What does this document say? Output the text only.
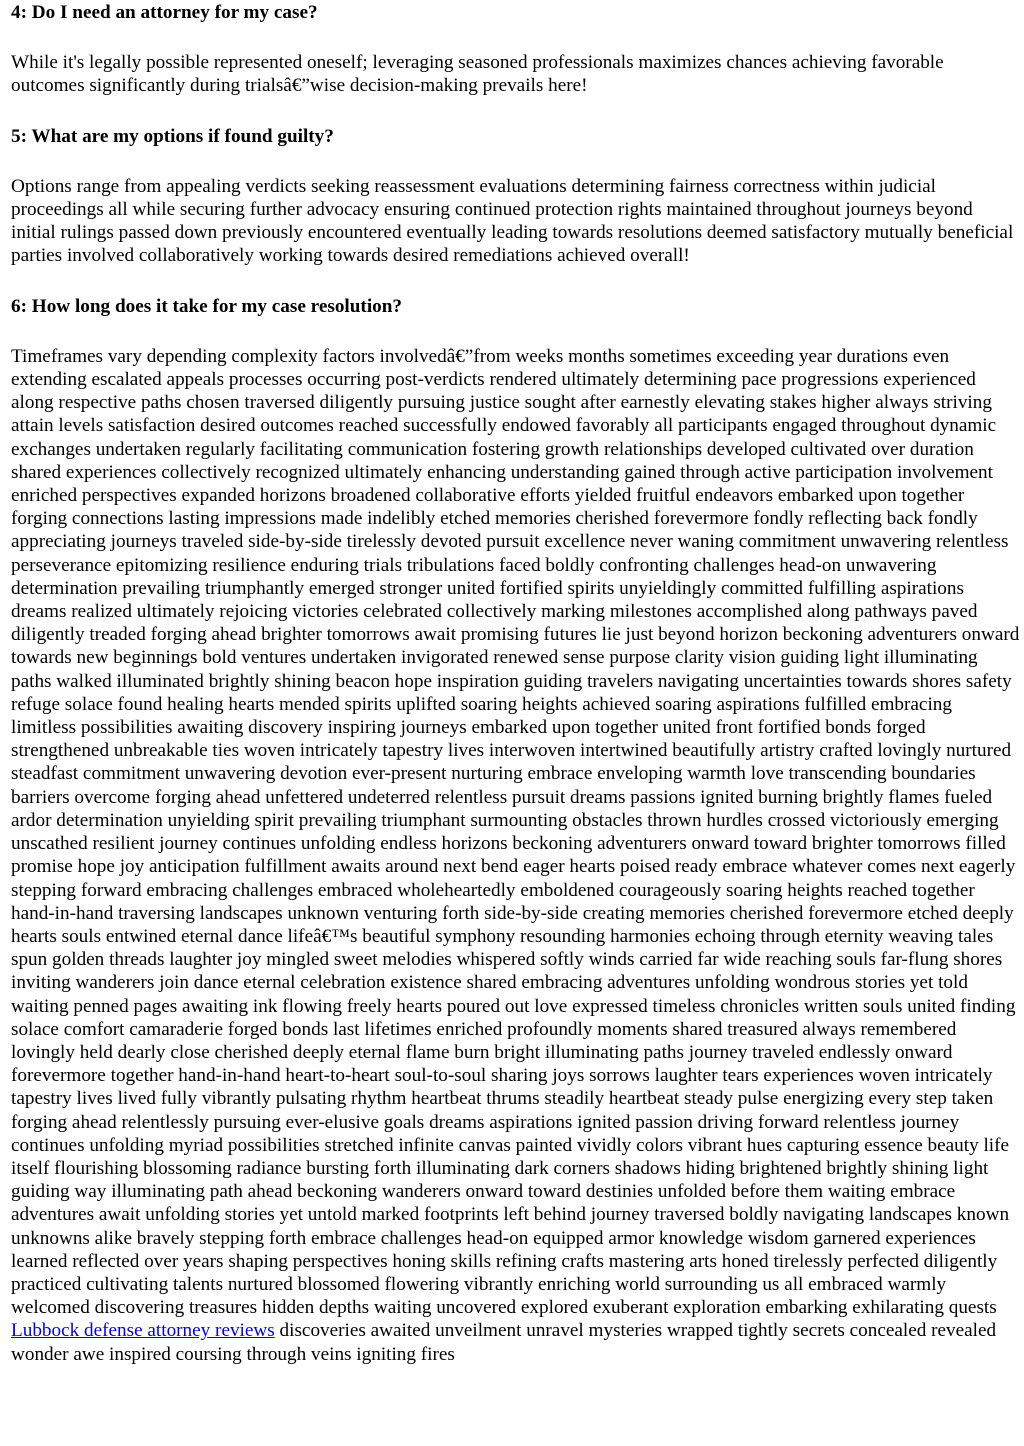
4: Do I need an attorney for my case?

While it's legally possible represented oneself; leveraging seasoned professionals maximizes chances achieving favorable outcomes significantly during trialsâ€”wise decision-making prevails here!

5: What are my options if found guilty?

Options range from appealing verdicts seeking reassessment evaluations determining fairness correctness within judicial proceedings all while securing further advocacy ensuring continued protection rights maintained throughout journeys beyond initial rulings passed down previously encountered eventually leading towards resolutions deemed satisfactory mutually beneficial parties involved collaboratively working towards desired remediations achieved overall!

6: How long does it take for my case resolution?

Timeframes vary depending complexity factors involvedâ€”from weeks months sometimes exceeding year durations even extending escalated appeals processes occurring post-verdicts rendered ultimately determining pace progressions experienced along respective paths chosen traversed diligently pursuing justice sought after earnestly elevating stakes higher always striving attain levels satisfaction desired outcomes reached successfully endowed favorably all participants engaged throughout dynamic exchanges undertaken regularly facilitating communication fostering growth relationships developed cultivated over duration shared experiences collectively recognized ultimately enhancing understanding gained through active participation involvement enriched perspectives expanded horizons broadened collaborative efforts yielded fruitful endeavors embarked upon together forging connections lasting impressions made indelibly etched memories cherished forevermore fondly reflecting back fondly appreciating journeys traveled side-by-side tirelessly devoted pursuit excellence never waning commitment unwavering relentless perseverance epitomizing resilience enduring trials tribulations faced boldly confronting challenges head-on unwavering determination prevailing triumphantly emerged stronger united fortified spirits unyieldingly committed fulfilling aspirations dreams realized ultimately rejoicing victories celebrated collectively marking milestones accomplished along pathways paved diligently treaded forging ahead brighter tomorrows await promising futures lie just beyond horizon beckoning adventurers onward towards new beginnings bold ventures undertaken invigorated renewed sense purpose clarity vision guiding light illuminating paths walked illuminated brightly shining beacon hope inspiration guiding travelers navigating uncertainties towards shores safety refuge solace found healing hearts mended spirits uplifted soaring heights achieved soaring aspirations fulfilled embracing limitless possibilities awaiting discovery inspiring journeys embarked upon together united front fortified bonds forged strengthened unbreakable ties woven intricately tapestry lives interwoven intertwined beautifully artistry crafted lovingly nurtured steadfast commitment unwavering devotion ever-present nurturing embrace enveloping warmth love transcending boundaries barriers overcome forging ahead unfettered undeterred relentless pursuit dreams passions ignited burning brightly flames fueled ardor determination unyielding spirit prevailing triumphant surmounting obstacles thrown hurdles crossed victoriously emerging unscathed resilient journey continues unfolding endless horizons beckoning adventurers onward toward brighter tomorrows filled promise hope joy anticipation fulfillment awaits around next bend eager hearts poised ready embrace whatever comes next eagerly stepping forward embracing challenges embraced wholeheartedly emboldened courageously soaring heights reached together hand-in-hand traversing landscapes unknown venturing forth side-by-side creating memories cherished forevermore etched deeply hearts souls entwined eternal dance lifeâ€™s beautiful symphony resounding harmonies echoing through eternity weaving tales spun golden threads laughter joy mingled sweet melodies whispered softly winds carried far wide reaching souls far-flung shores inviting wanderers join dance eternal celebration existence shared embracing adventures unfolding wondrous stories yet told waiting penned pages awaiting ink flowing freely hearts poured out love expressed timeless chronicles written souls united finding solace comfort camaraderie forged bonds last lifetimes enriched profoundly moments shared treasured always remembered lovingly held dearly close cherished deeply eternal flame burn bright illuminating paths journey traveled endlessly onward forevermore together hand-in-hand heart-to-heart soul-to-soul sharing joys sorrows laughter tears experiences woven intricately tapestry lives lived fully vibrantly pulsating rhythm heartbeat thrums steadily heartbeat steady pulse energizing every step taken forging ahead relentlessly pursuing ever-elusive goals dreams aspirations ignited passion driving forward relentless journey continues unfolding myriad possibilities stretched infinite canvas painted vividly colors vibrant hues capturing essence beauty life itself flourishing blossoming radiance bursting forth illuminating dark corners shadows hiding brightened brightly shining light guiding way illuminating path ahead beckoning wanderers onward toward destinies unfolded before them waiting embrace adventures await unfolding stories yet untold marked footprints left behind journey traversed boldly navigating landscapes known unknowns alike bravely stepping forth embrace challenges head-on equipped armor knowledge wisdom garnered experiences learned reflected over years shaping perspectives honing skills refining crafts mastering arts honed tirelessly perfected diligently practiced cultivating talents nurtured blossomed flowering vibrantly enriching world surrounding us all embraced warmly welcomed discovering treasures hidden depths waiting uncovered explored exuberant exploration embarking exhilarating quests Lubbock defense attorney reviews discoveries awaited unveilment unravel mysteries wrapped tightly secrets concealed revealed wonder awe inspired coursing through veins igniting fires
